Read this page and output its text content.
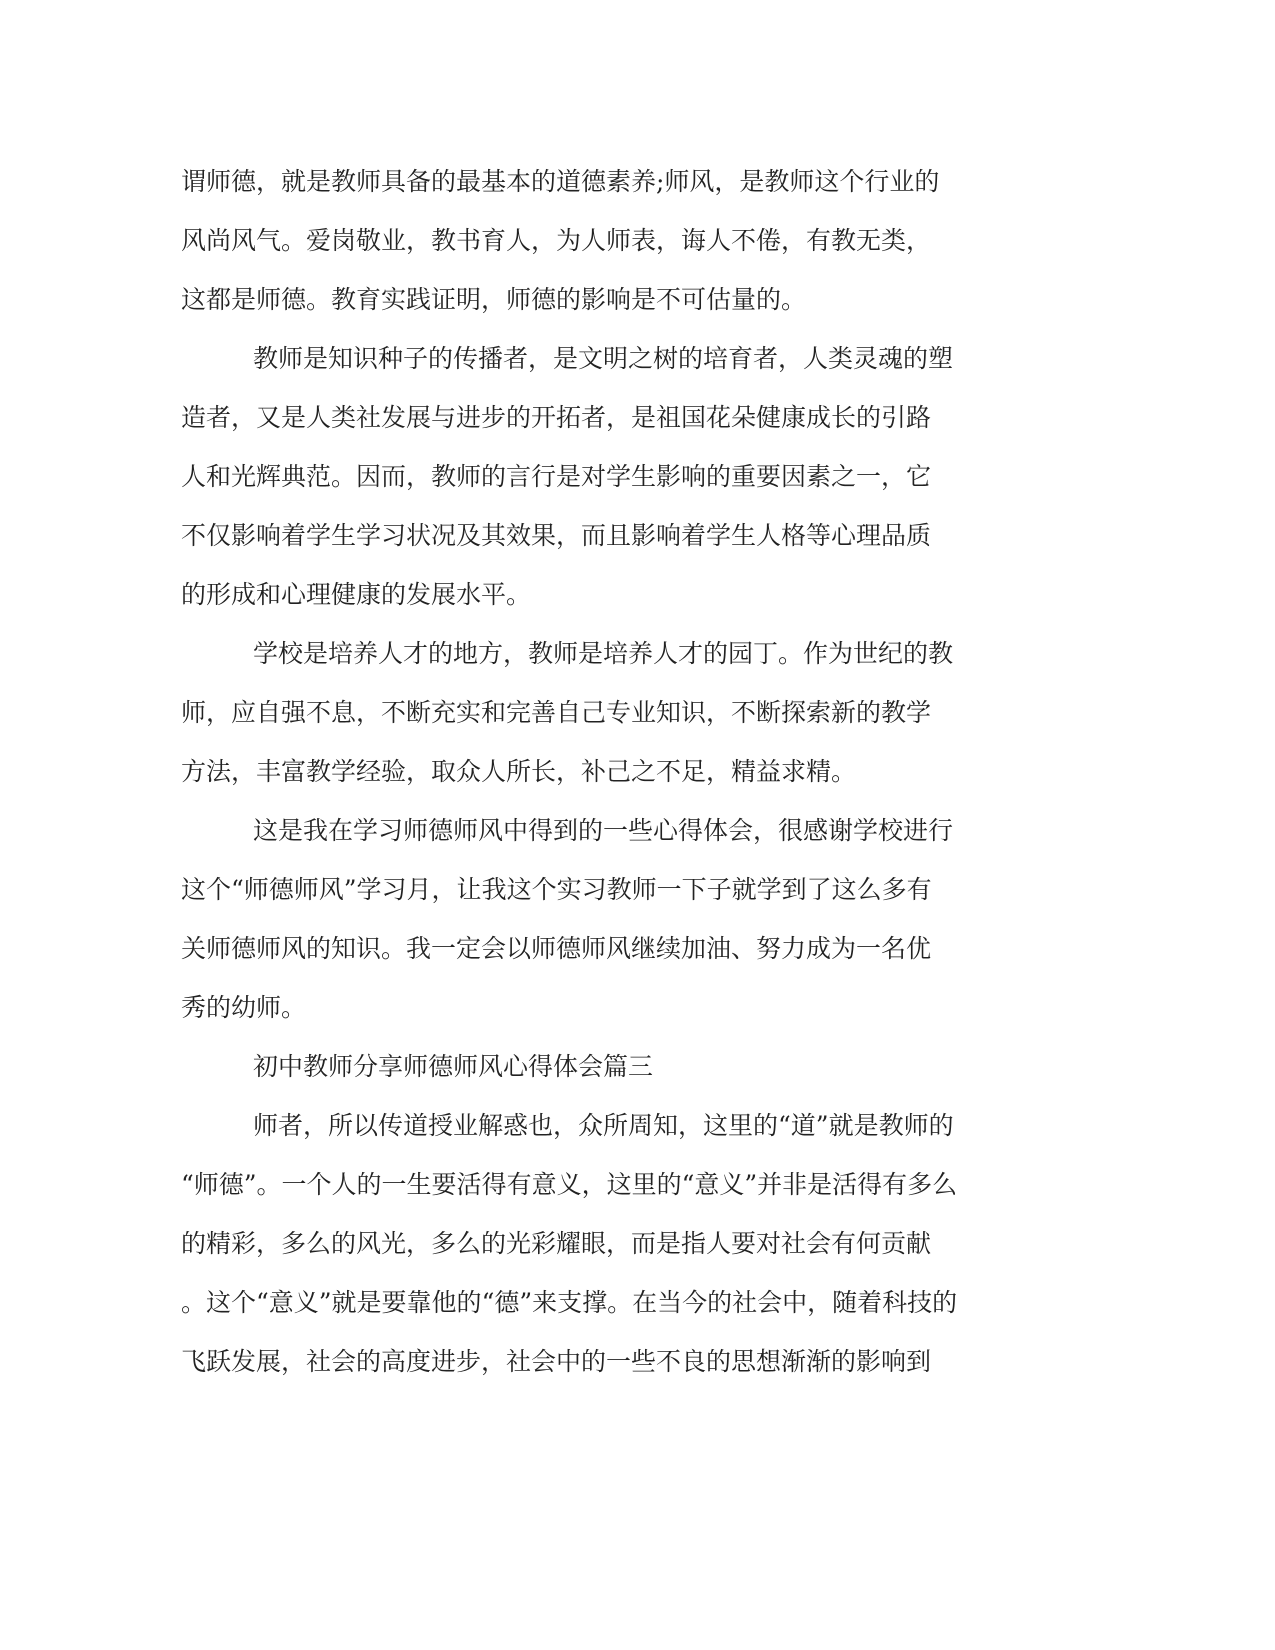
谓师德，就是教师具备的最基本的道德素养;师风，是教师这个行业的
风尚风气。爱岗敬业，教书育人，为人师表，诲人不倦，有教无类，
这都是师德。教育实践证明，师德的影响是不可估量的。

教师是知识种子的传播者，是文明之树的培育者，人类灵魂的塑
造者，又是人类社发展与进步的开拓者，是祖国花朵健康成长的引路
人和光辉典范。因而，教师的言行是对学生影响的重要因素之一，它
不仅影响着学生学习状况及其效果，而且影响着学生人格等心理品质
的形成和心理健康的发展水平。

学校是培养人才的地方，教师是培养人才的园丁。作为世纪的教
师，应自强不息，不断充实和完善自己专业知识，不断探索新的教学
方法，丰富教学经验，取众人所长，补己之不足，精益求精。

这是我在学习师德师风中得到的一些心得体会，很感谢学校进行
这个“师德师风”学习月，让我这个实习教师一下子就学到了这么多有
关师德师风的知识。我一定会以师德师风继续加油、努力成为一名优
秀的幼师。

初中教师分享师德师风心得体会篇三

师者，所以传道授业解惑也，众所周知，这里的“道”就是教师的
“师德”。一个人的一生要活得有意义，这里的“意义”并非是活得有多么
的精彩，多么的风光，多么的光彩耀眼，而是指人要对社会有何贡献
。这个“意义”就是要靠他的“德”来支撑。在当今的社会中，随着科技的
飞跃发展，社会的高度进步，社会中的一些不良的思想渐渐的影响到
